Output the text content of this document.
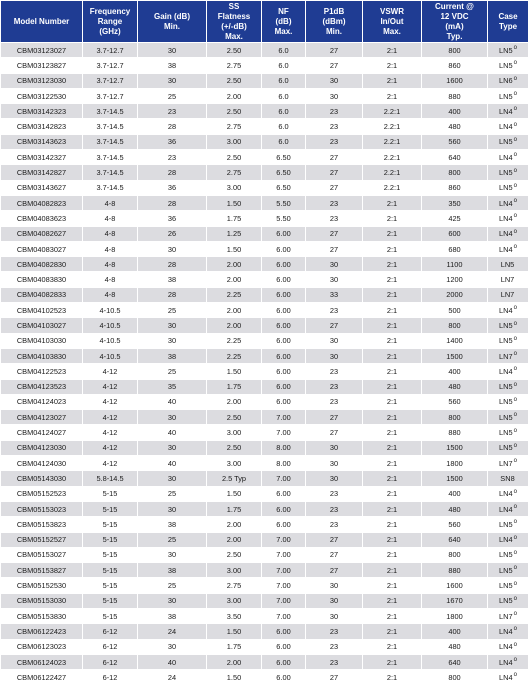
Model Number	Frequency
Range
(GHz)	Gain (dB)
Min.	SS
Flatness
(+/-dB)
Max.	NF
(dB)
Max.	P1dB
(dBm)
Min.	VSWR
In/Out
Max.	Current @
12 VDC
(mA)
Typ.	Case
Type

CBM03123027	3.7-12.7	30	2.50	6.0	27	2:1	800	LN5$^o$
CBM03123827	3.7-12.7	38	2.75	6.0	27	2:1	860	LN5$^o$
CBM03123030	3.7-12.7	30	2.50	6.0	30	2:1	1600	LN6$^o$
CBM03122530	3.7-12.7	25	2.00	6.0	30	2:1	880	LN5$^o$
CBM03142323	3.7-14.5	23	2.50	6.0	23	2.2:1	400	LN4$^o$
CBM03142823	3.7-14.5	28	2.75	6.0	23	2.2:1	480	LN4$^o$
CBM03143623	3.7-14.5	36	3.00	6.0	23	2.2:1	560	LN5$^o$
CBM03142327	3.7-14.5	23	2.50	6.50	27	2.2:1	640	LN4$^o$
CBM03142827	3.7-14.5	28	2.75	6.50	27	2.2:1	800	LN5$^o$
CBM03143627	3.7-14.5	36	3.00	6.50	27	2.2:1	860	LN5$^o$
CBM04082823	4-8	28	1.50	5.50	23	2:1	350	LN4$^o$
CBM04083623	4-8	36	1.75	5.50	23	2:1	425	LN4$^o$
CBM04082627	4-8	26	1.25	6.00	27	2:1	600	LN4$^o$
CBM04083027	4-8	30	1.50	6.00	27	2:1	680	LN4$^o$
CBM04082830	4-8	28	2.00	6.00	30	2:1	1100	LN5
CBM04083830	4-8	38	2.00	6.00	30	2:1	1200	LN7
CBM04082833	4-8	28	2.25	6.00	33	2:1	2000	LN7
CBM04102523	4-10.5	25	2.00	6.00	23	2:1	500	LN4$^o$
CBM04103027	4-10.5	30	2.00	6.00	27	2:1	800	LN5$^o$
CBM04103030	4-10.5	30	2.25	6.00	30	2:1	1400	LN5$^o$
CBM04103830	4-10.5	38	2.25	6.00	30	2:1	1500	LN7$^o$
CBM04122523	4-12	25	1.50	6.00	23	2:1	400	LN4$^o$
CBM04123523	4-12	35	1.75	6.00	23	2:1	480	LN5$^o$
CBM04124023	4-12	40	2.00	6.00	23	2:1	560	LN5$^o$
CBM04123027	4-12	30	2.50	7.00	27	2:1	800	LN5$^o$
CBM04124027	4-12	40	3.00	7.00	27	2:1	880	LN5$^o$
CBM04123030	4-12	30	2.50	8.00	30	2:1	1500	LN5$^o$
CBM04124030	4-12	40	3.00	8.00	30	2:1	1800	LN7$^o$
CBM05143030	5.8-14.5	30	2.5 Typ	7.00	30	2:1	1500	SN8
CBM05152523	5-15	25	1.50	6.00	23	2:1	400	LN4$^o$
CBM05153023	5-15	30	1.75	6.00	23	2:1	480	LN4$^o$
CBM05153823	5-15	38	2.00	6.00	23	2:1	560	LN5$^o$
CBM05152527	5-15	25	2.00	7.00	27	2:1	640	LN4$^o$
CBM05153027	5-15	30	2.50	7.00	27	2:1	800	LN5$^o$
CBM05153827	5-15	38	3.00	7.00	27	2:1	880	LN5$^o$
CBM05152530	5-15	25	2.75	7.00	30	2:1	1600	LN5$^o$
CBM05153030	5-15	30	3.00	7.00	30	2:1	1670	LN5$^o$
CBM05153830	5-15	38	3.50	7.00	30	2:1	1800	LN7$^o$
CBM06122423	6-12	24	1.50	6.00	23	2:1	400	LN4$^o$
CBM06123023	6-12	30	1.75	6.00	23	2:1	480	LN4$^o$
CBM06124023	6-12	40	2.00	6.00	23	2:1	640	LN4$^o$
CBM06122427	6-12	24	1.50	6.00	27	2:1	800	LN4$^o$
